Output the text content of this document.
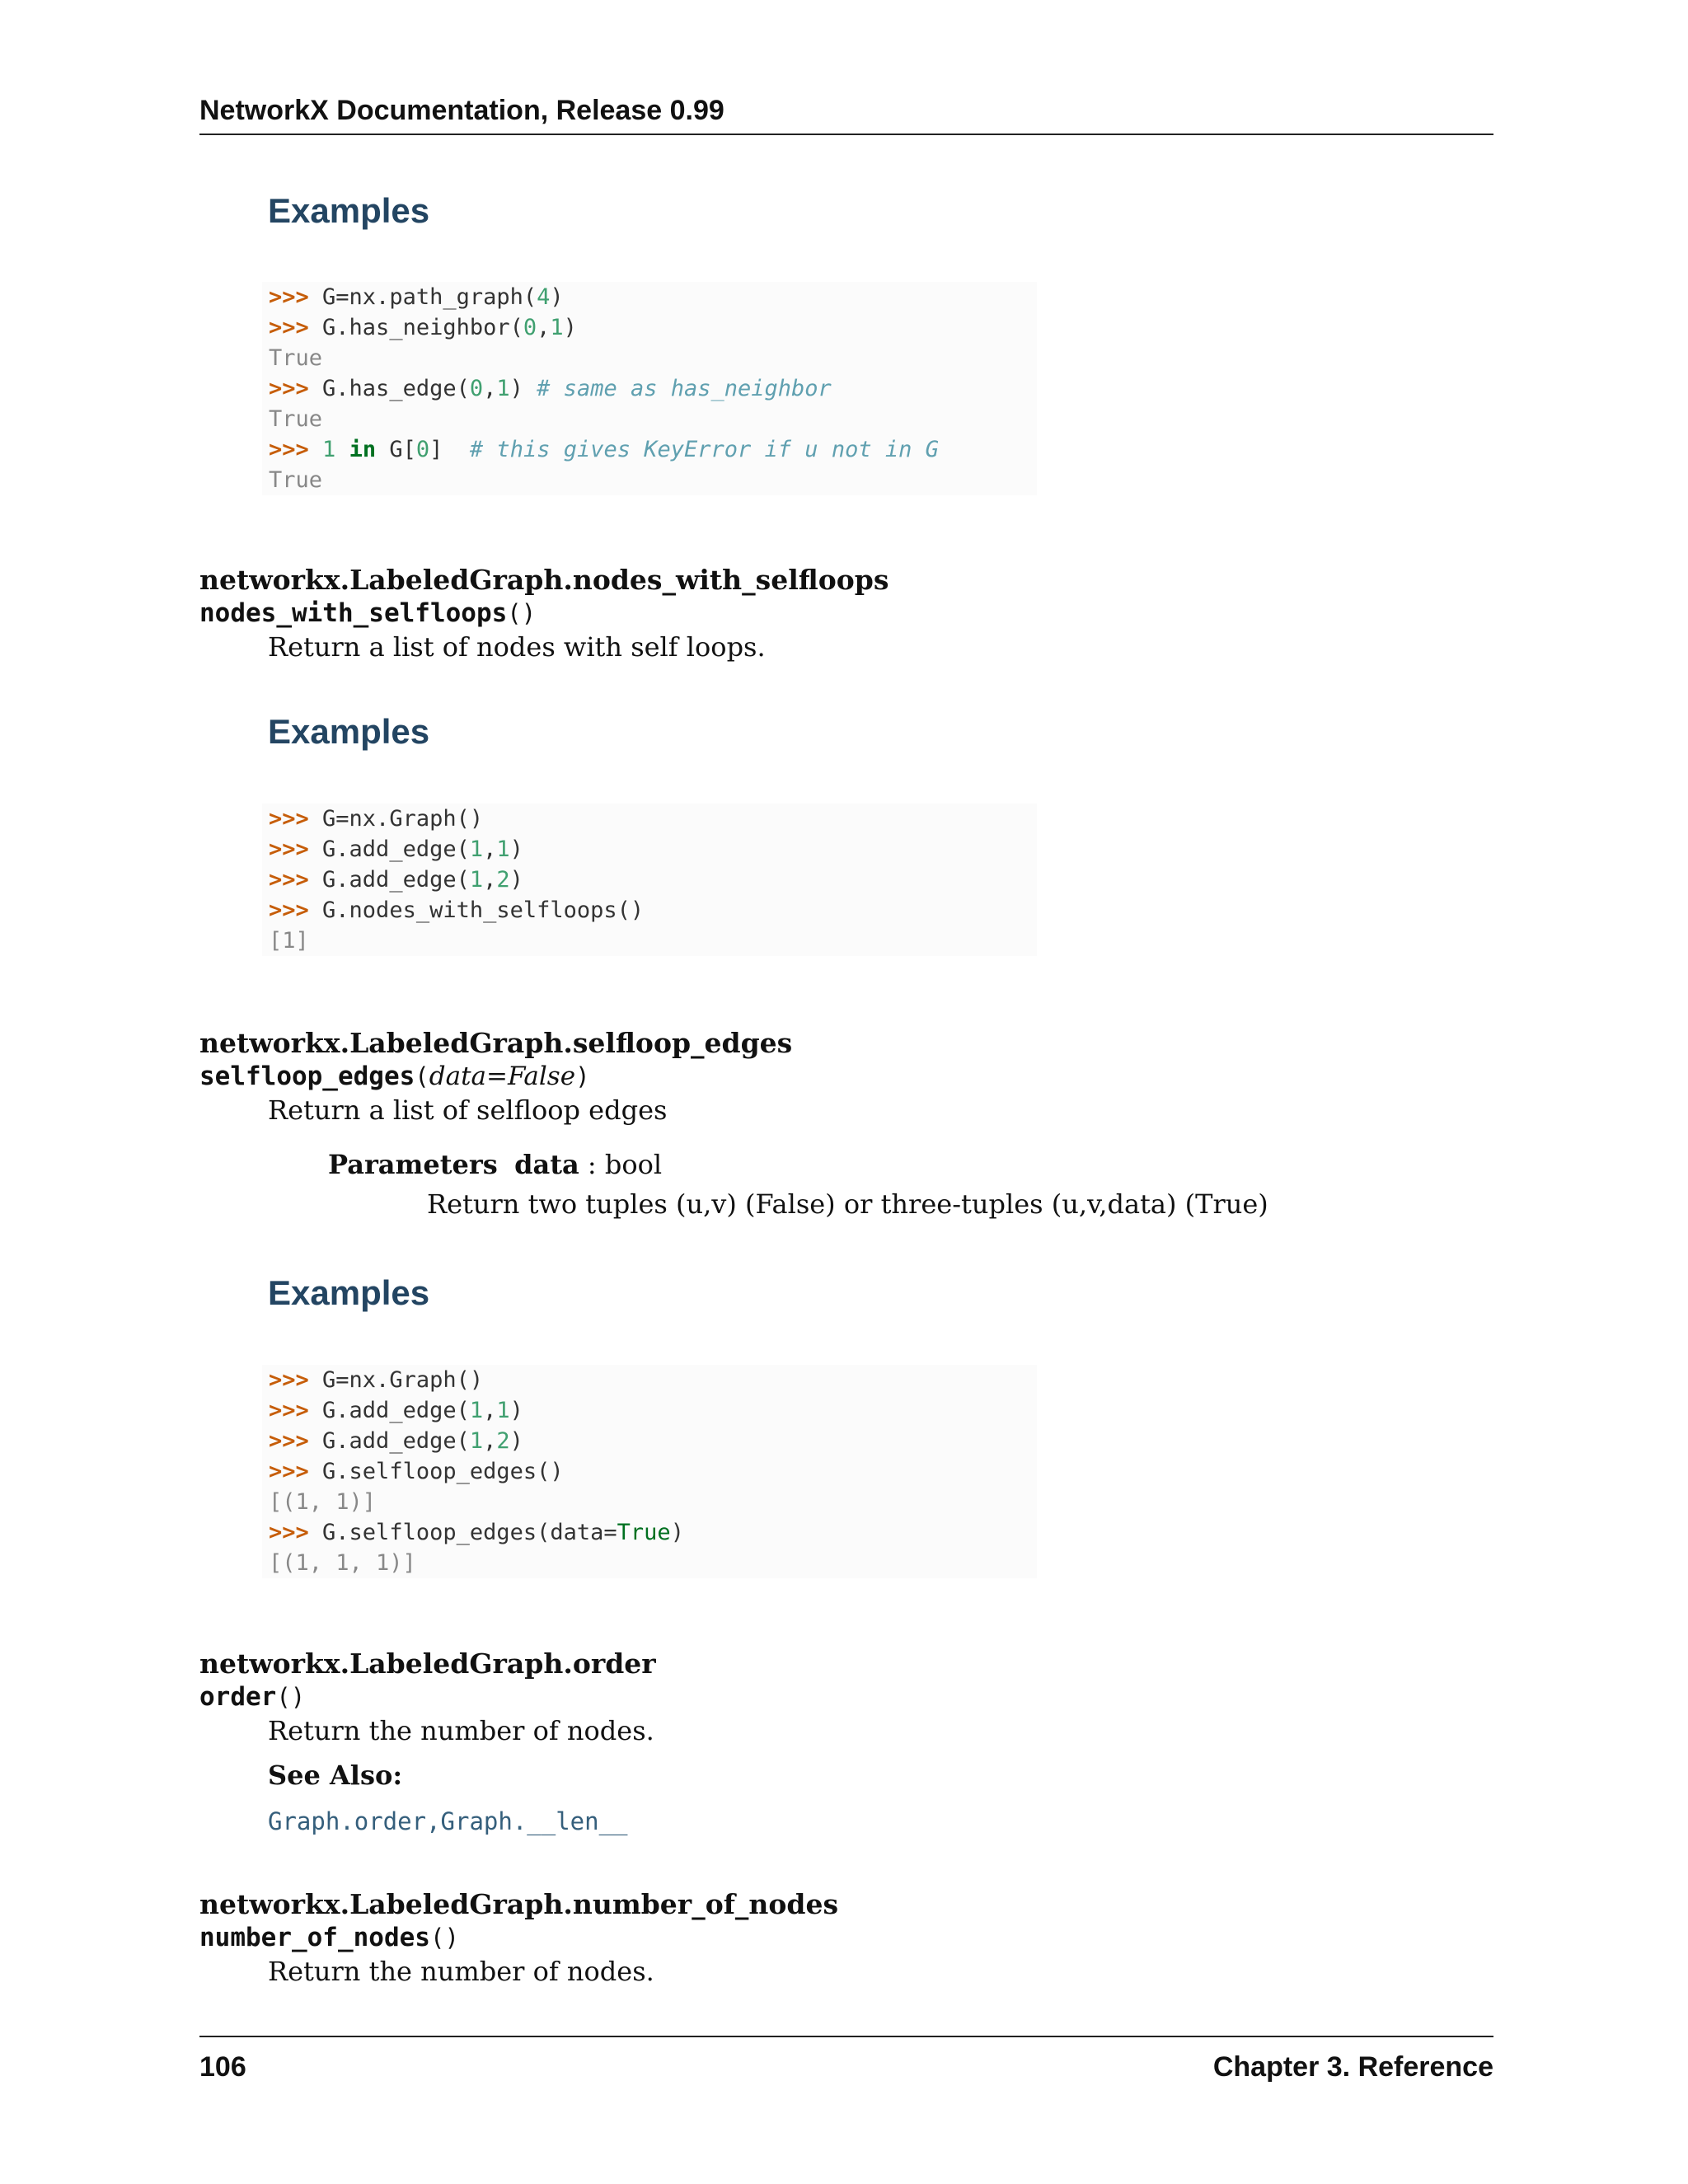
NetworkX Documentation, Release 0.99
Examples
>>> G=nx.path_graph(4)
>>> G.has_neighbor(0,1)
True
>>> G.has_edge(0,1) # same as has_neighbor
True
>>> 1 in G[0]  # this gives KeyError if u not in G
True
networkx.LabeledGraph.nodes_with_selfloops
nodes_with_selfloops()
Return a list of nodes with self loops.
Examples
>>> G=nx.Graph()
>>> G.add_edge(1,1)
>>> G.add_edge(1,2)
>>> G.nodes_with_selfloops()
[1]
networkx.LabeledGraph.selfloop_edges
selfloop_edges(data=False)
Return a list of selfloop edges
Parameters data : bool
Return two tuples (u,v) (False) or three-tuples (u,v,data) (True)
Examples
>>> G=nx.Graph()
>>> G.add_edge(1,1)
>>> G.add_edge(1,2)
>>> G.selfloop_edges()
[(1, 1)]
>>> G.selfloop_edges(data=True)
[(1, 1, 1)]
networkx.LabeledGraph.order
order()
Return the number of nodes.
See Also:
Graph.order,Graph.__len__
networkx.LabeledGraph.number_of_nodes
number_of_nodes()
Return the number of nodes.
106	Chapter 3. Reference
